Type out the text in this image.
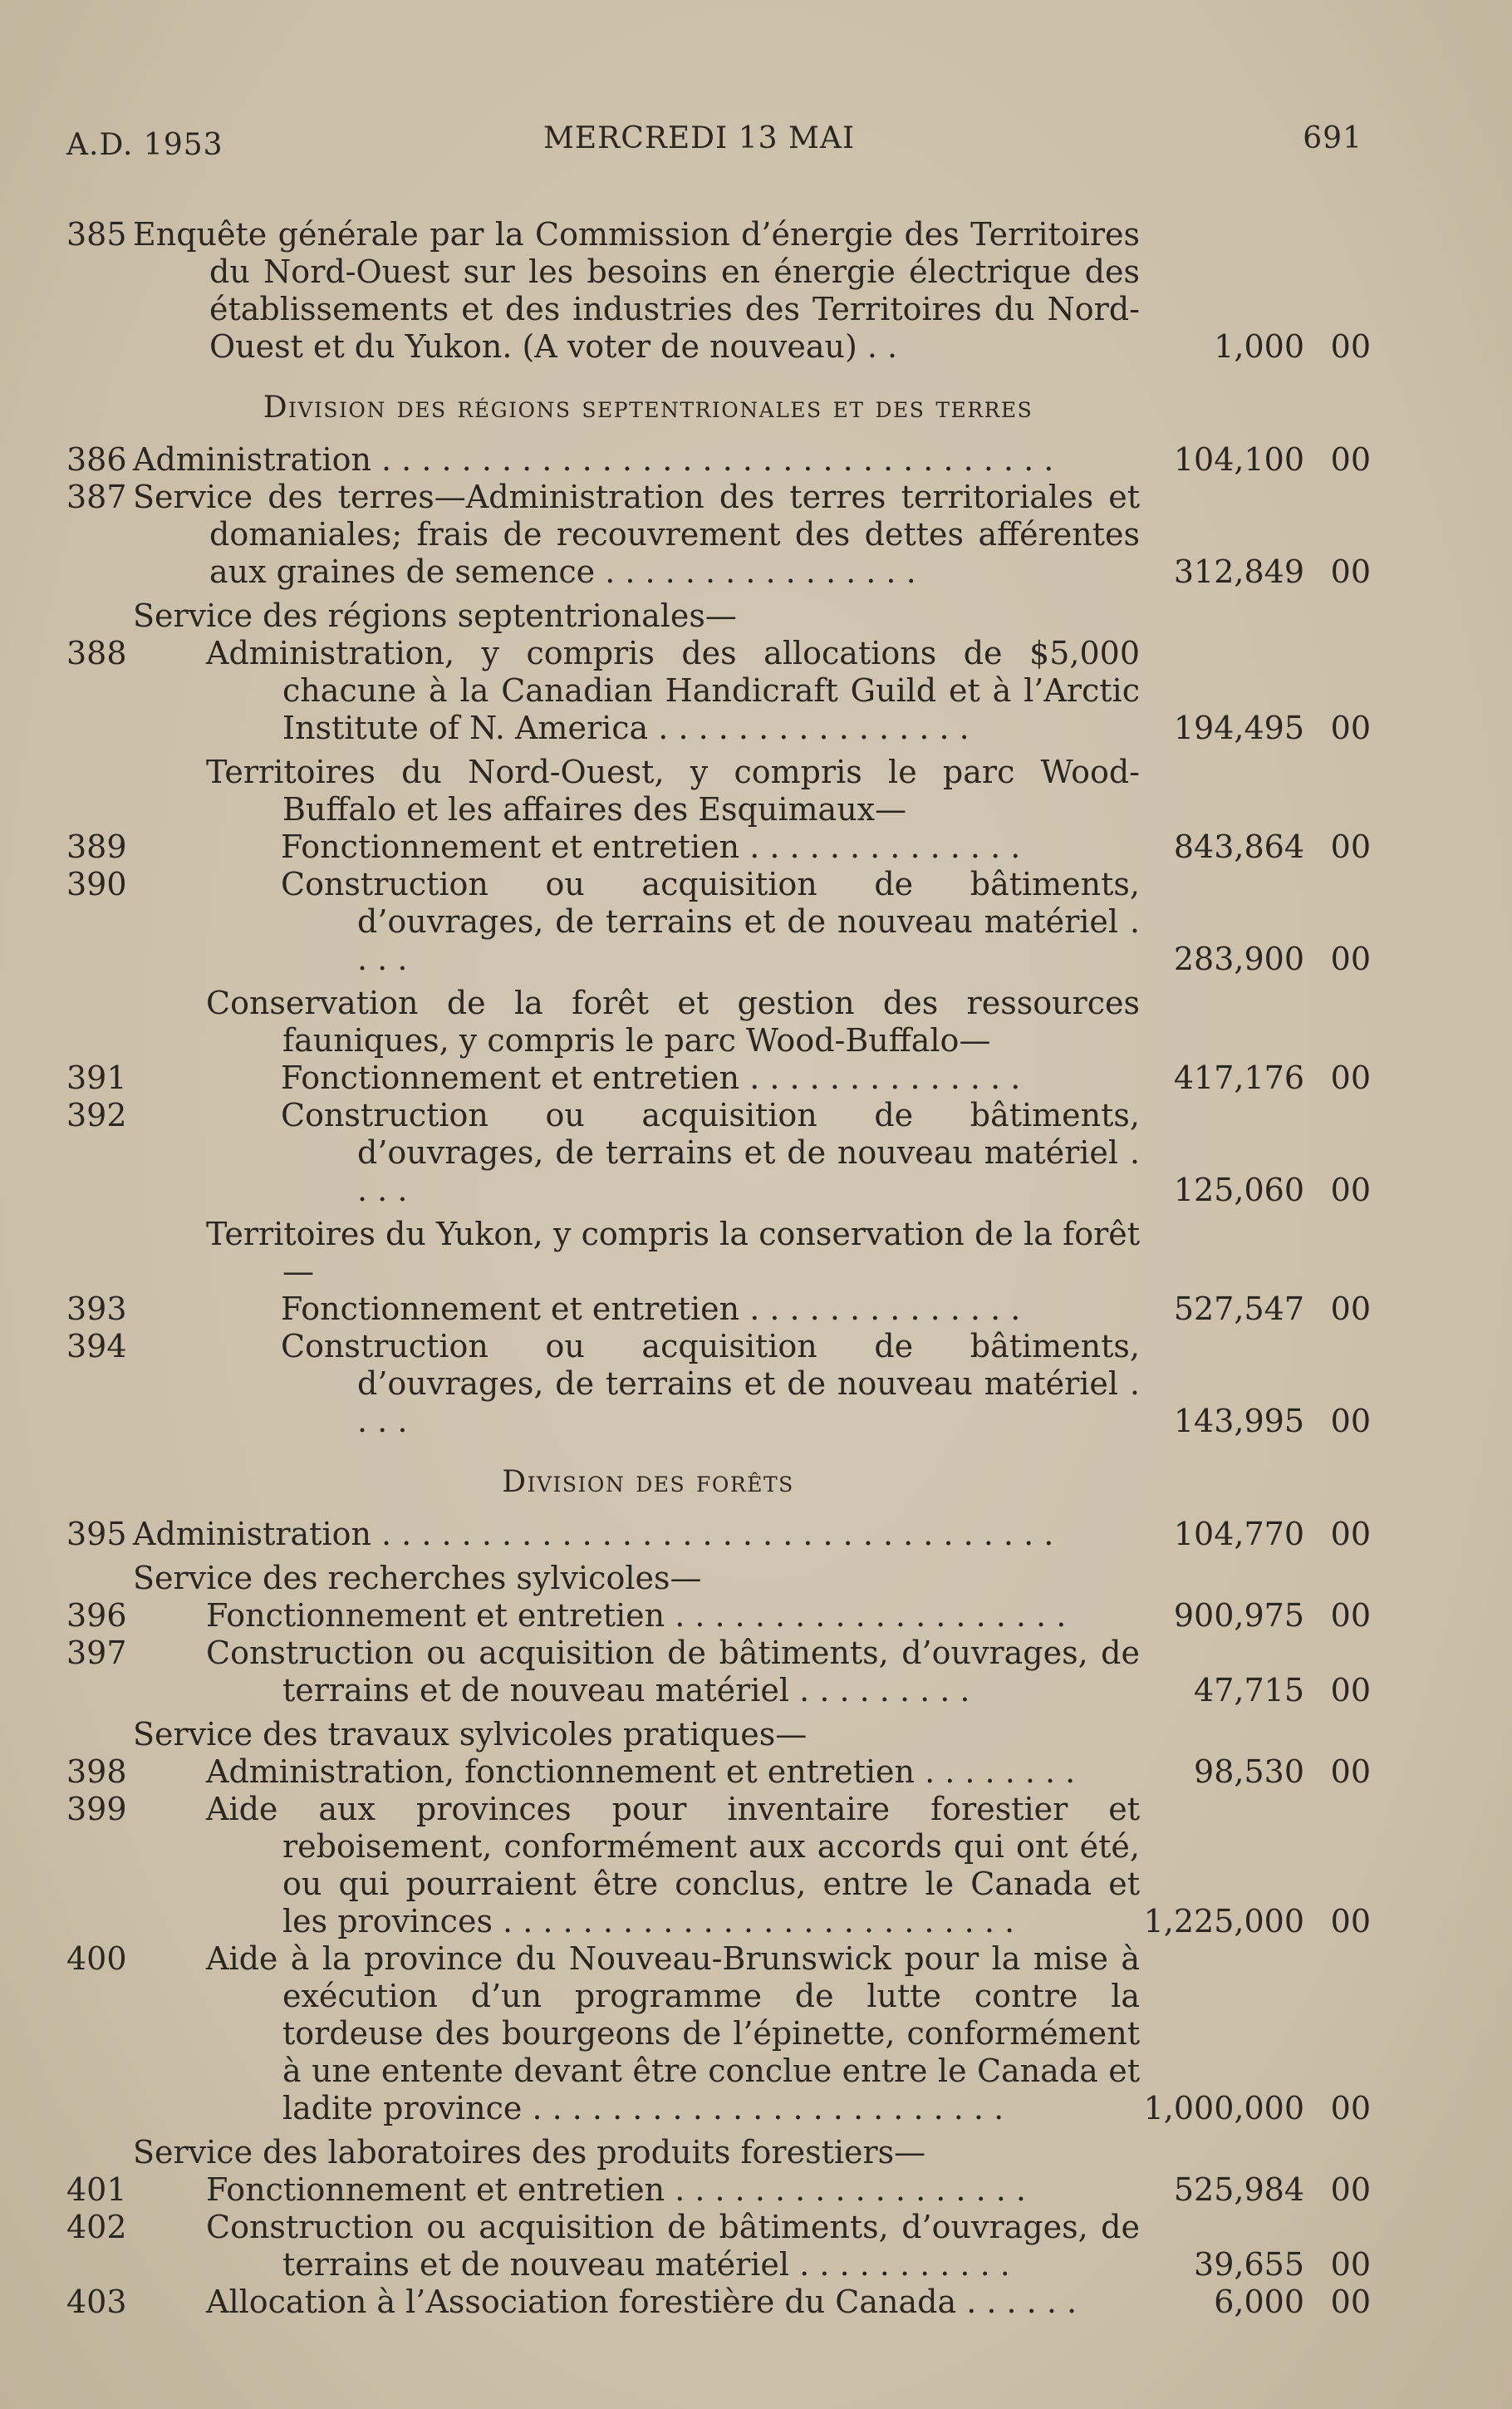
A.D. 1953	MERCREDI 13 MAI	691
385 Enquête générale par la Commission d’énergie des Territoires du Nord-Ouest sur les besoins en énergie électrique des établissements et des industries des Territoires du Nord-Ouest et du Yukon. (A voter de nouveau) . .	1,000 00
Division des régions septentrionales et des terres
386 Administration . . . . . . . . . . . . . . . . . . . . . . . . . . . . . . . . . .	104,100 00
387 Service des terres—Administration des terres territoriales et domaniales; frais de recouvrement des dettes afférentes aux graines de semence . . . . . . . . . . . . . . . .	312,849 00
Service des régions septentrionales—
388	Administration, y compris des allocations de $5,000 chacune à la Canadian Handicraft Guild et à l’Arctic Institute of N. America . . . . . . . . . . . . . . . .	194,495 00
Territoires du Nord-Ouest, y compris le parc Wood-Buffalo et les affaires des Esquimaux—
389	Fonctionnement et entretien . . . . . . . . . . . . . .	843,864 00
390	Construction ou acquisition de bâtiments, d’ouvrages, de terrains et de nouveau matériel . . . .	283,900 00
Conservation de la forêt et gestion des ressources fauniques, y compris le parc Wood-Buffalo—
391	Fonctionnement et entretien . . . . . . . . . . . . . .	417,176 00
392	Construction ou acquisition de bâtiments, d’ouvrages, de terrains et de nouveau matériel . . . .	125,060 00
Territoires du Yukon, y compris la conservation de la forêt—
393	Fonctionnement et entretien . . . . . . . . . . . . . .	527,547 00
394	Construction ou acquisition de bâtiments, d’ouvrages, de terrains et de nouveau matériel . . . .	143,995 00
Division des forêts
395 Administration . . . . . . . . . . . . . . . . . . . . . . . . . . . . . . . . . .	104,770 00
Service des recherches sylvicoles—
396	Fonctionnement et entretien . . . . . . . . . . . . . . . . . . . .	900,975 00
397	Construction ou acquisition de bâtiments, d’ouvrages, de terrains et de nouveau matériel . . . . . . . . .	47,715 00
Service des travaux sylvicoles pratiques—
398	Administration, fonctionnement et entretien . . . . . . . .	98,530 00
399	Aide aux provinces pour inventaire forestier et reboisement, conformément aux accords qui ont été, ou qui pourraient être conclus, entre le Canada et les provinces . . . . . . . . . . . . . . . . . . . . . . . . . .	1,225,000 00
400	Aide à la province du Nouveau-Brunswick pour la mise à exécution d’un programme de lutte contre la tordeuse des bourgeons de l’épinette, conformément à une entente devant être conclue entre le Canada et ladite province . . . . . . . . . . . . . . . . . . . . . . . .	1,000,000 00
Service des laboratoires des produits forestiers—
401	Fonctionnement et entretien . . . . . . . . . . . . . . . . . .	525,984 00
402	Construction ou acquisition de bâtiments, d’ouvrages, de terrains et de nouveau matériel . . . . . . . . . . .	39,655 00
403	Allocation à l’Association forestière du Canada . . . . . .	6,000 00
